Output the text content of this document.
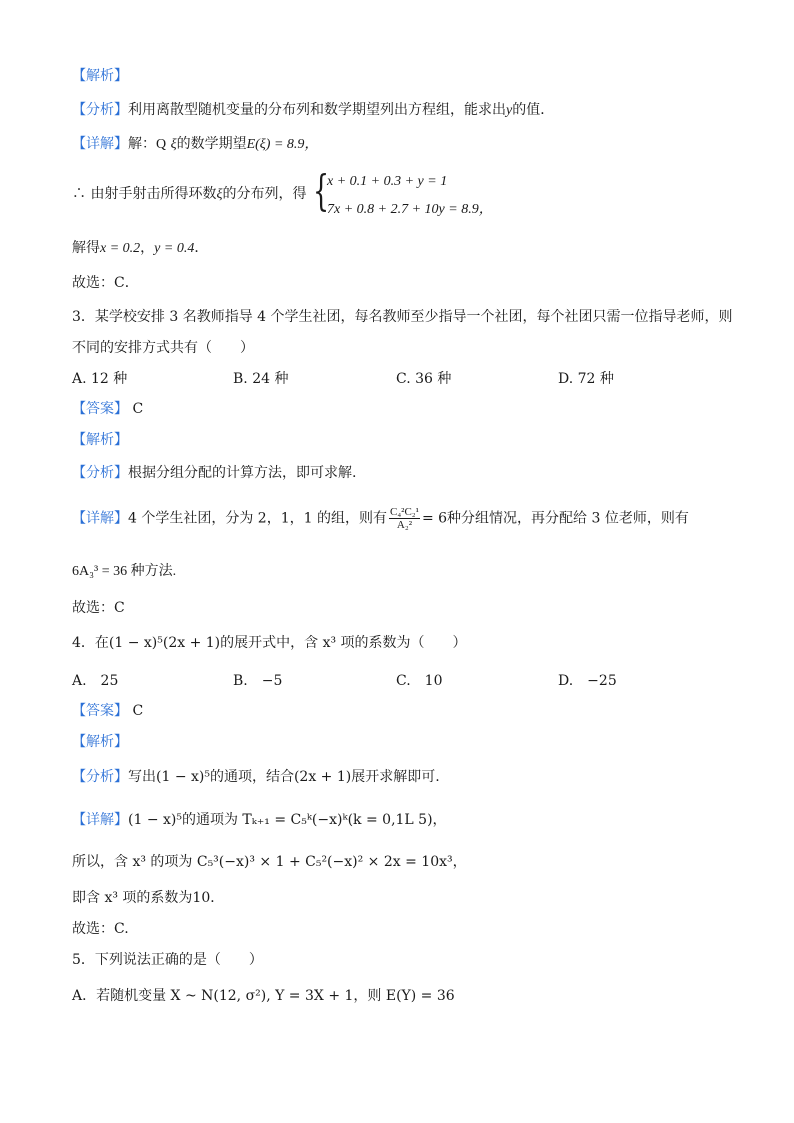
【解析】
【分析】利用离散型随机变量的分布列和数学期望列出方程组，能求出y的值．
【详解】解：Q ξ的数学期望E(ξ) = 8.9，
∴ 由射手射击所得环数ξ的分布列，得 {
x + 0.1 + 0.3 + y = 1
7x + 0.8 + 2.7 + 10y = 8.9，
解得x = 0.2，y = 0.4．
故选：C．
3．某学校安排 3 名教师指导 4 个学生社团，每名教师至少指导一个社团，每个社团只需一位指导老师，则
不同的安排方式共有（　　）
A. 12 种	B. 24 种	C. 36 种	D. 72 种
【答案】 C
【解析】
【分析】根据分组分配的计算方法，即可求解.
【详解】4 个学生社团，分为 2，1，1 的组，则有 $\frac{\text{C₄²C₂¹}}{\text{A₂²}} = 6$种分组情况，再分配给 3 位老师，则有
6A₃³ = 36 种方法.
故选：C
4．在(1 − x)⁵(2x + 1)的展开式中，含 x³ 项的系数为（　　）
A.　25	B.　−5	C.　10	D.　−25
【答案】 C
【解析】
【分析】写出(1 − x)⁵的通项，结合(2x + 1)展开求解即可.
【详解】(1 − x)⁵的通项为 Tₖ₊₁ = C₅ᵏ(−x)ᵏ(k = 0,1L 5)，
所以，含 x³ 的项为 C₅³(−x)³ × 1 + C₅²(−x)² × 2x = 10x³，
即含 x³ 项的系数为10．
故选：C.
5．下列说法正确的是（　　）
A．若随机变量 X ~ N(12, σ²), Y = 3X + 1，则 E(Y) = 36
